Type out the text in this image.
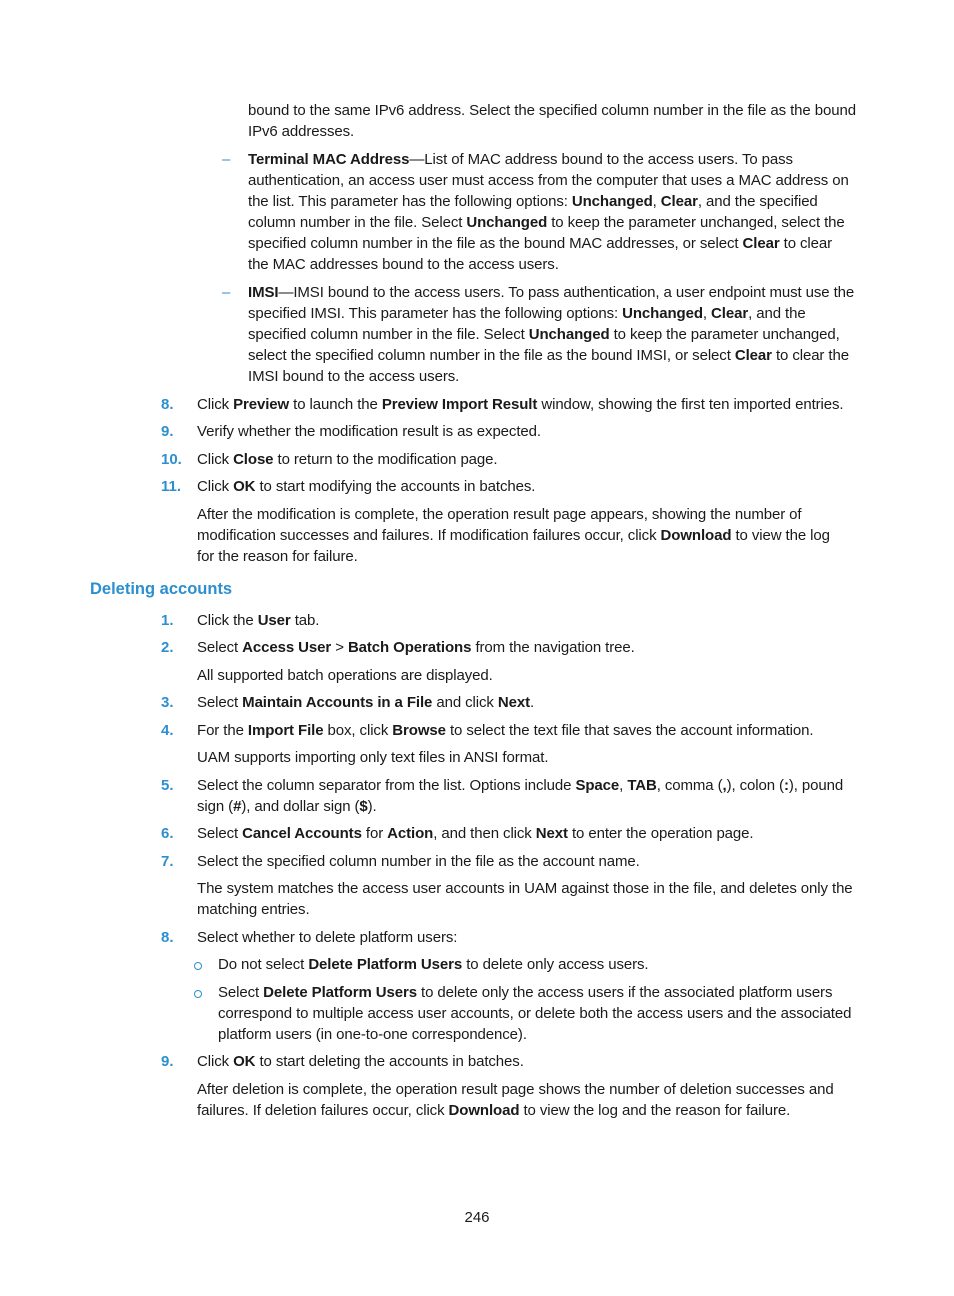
bound to the same IPv6 address. Select the specified column number in the file as the bound
IPv6 addresses.
Terminal MAC Address—List of MAC address bound to the access users. To pass
authentication, an access user must access from the computer that uses a MAC address on
the list. This parameter has the following options: Unchanged, Clear, and the specified
column number in the file. Select Unchanged to keep the parameter unchanged, select the
specified column number in the file as the bound MAC addresses, or select Clear to clear
the MAC addresses bound to the access users.
IMSI—IMSI bound to the access users. To pass authentication, a user endpoint must use the
specified IMSI. This parameter has the following options: Unchanged, Clear, and the
specified column number in the file. Select Unchanged to keep the parameter unchanged,
select the specified column number in the file as the bound IMSI, or select Clear to clear the
IMSI bound to the access users.
Click Preview to launch the Preview Import Result window, showing the first ten imported entries.
Verify whether the modification result is as expected.
Click Close to return to the modification page.
Click OK to start modifying the accounts in batches.
After the modification is complete, the operation result page appears, showing the number of
modification successes and failures. If modification failures occur, click Download to view the log
for the reason for failure.
Click the User tab.
Select Access User > Batch Operations from the navigation tree.
All supported batch operations are displayed.
Select Maintain Accounts in a File and click Next.
For the Import File box, click Browse to select the text file that saves the account information.
UAM supports importing only text files in ANSI format.
Select the column separator from the list. Options include Space, TAB, comma (,), colon (:), pound
sign (#), and dollar sign ($).
Select Cancel Accounts for Action, and then click Next to enter the operation page.
Select the specified column number in the file as the account name.
The system matches the access user accounts in UAM against those in the file, and deletes only the
matching entries.
Select whether to delete platform users:
Do not select Delete Platform Users to delete only access users.
Select Delete Platform Users to delete only the access users if the associated platform users
correspond to multiple access user accounts, or delete both the access users and the associated
platform users (in one-to-one correspondence).
Click OK to start deleting the accounts in batches.
After deletion is complete, the operation result page shows the number of deletion successes and
failures. If deletion failures occur, click Download to view the log and the reason for failure.
8.
9.
10.
11.
1.
2.
3.
4.
5.
6.
7.
8.
9.
–
–
Deleting accounts
246
